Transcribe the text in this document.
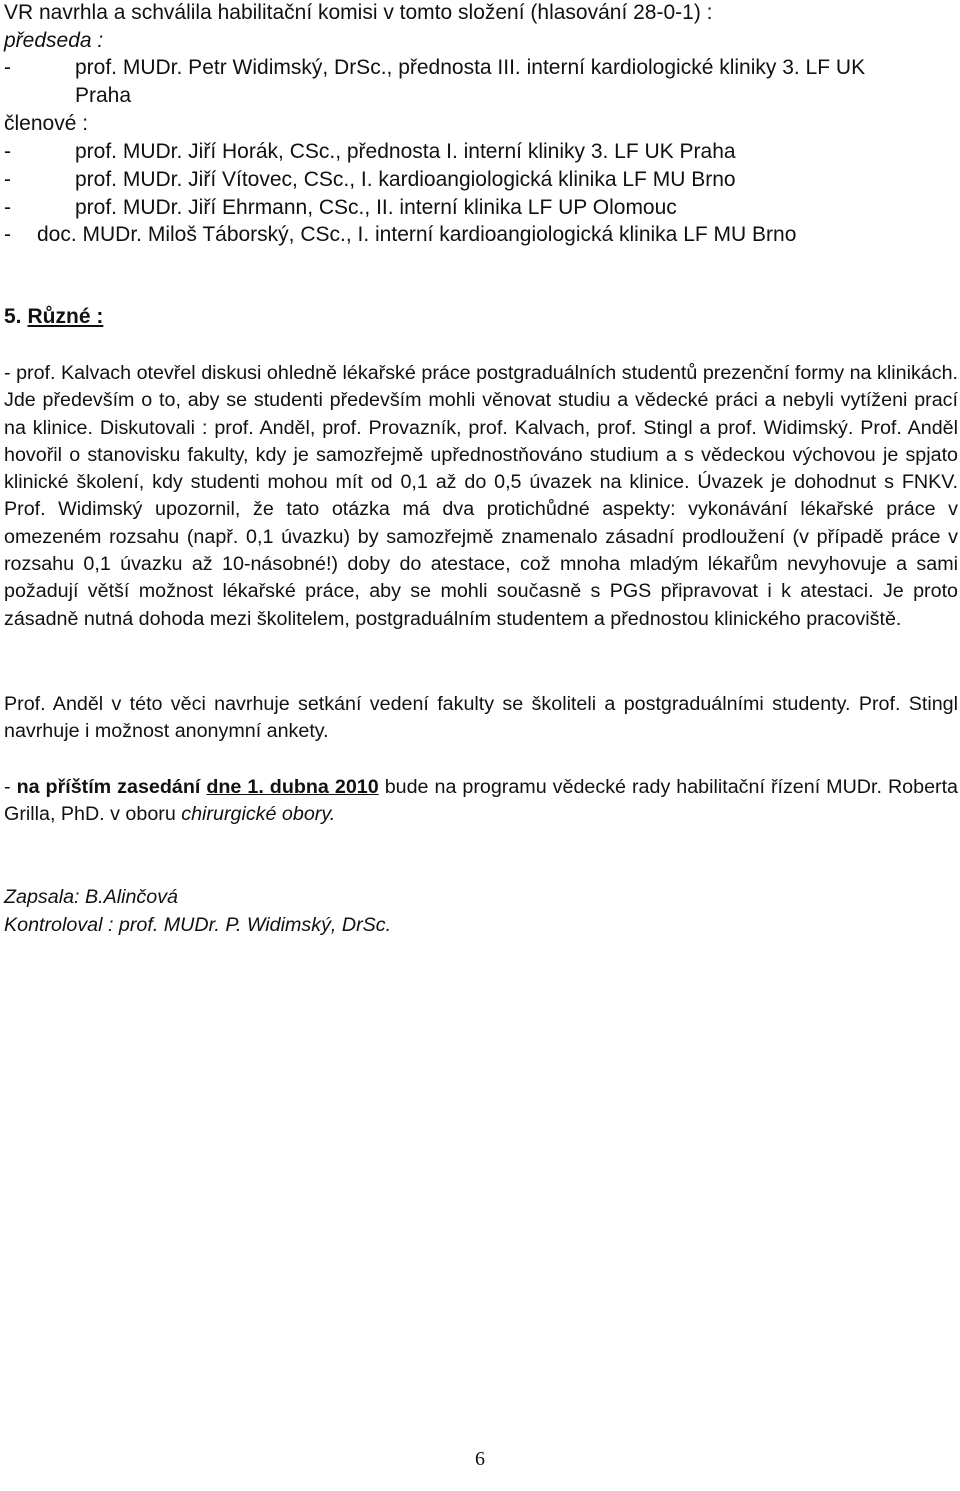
VR navrhla a schválila habilitační komisi v tomto složení (hlasování 28-0-1) :
předseda :
-	prof. MUDr. Petr Widimský, DrSc., přednosta III. interní kardiologické kliniky 3. LF UK
Praha
členové :
-	prof. MUDr. Jiří Horák, CSc., přednosta I. interní kliniky 3. LF UK Praha
-	prof. MUDr. Jiří Vítovec, CSc., I. kardioangiologická klinika LF MU Brno
-	prof. MUDr. Jiří Ehrmann, CSc., II. interní klinika LF UP Olomouc
- doc. MUDr. Miloš Táborský, CSc., I. interní kardioangiologická klinika LF MU Brno
5. Různé :
- prof. Kalvach otevřel diskusi ohledně lékařské práce postgraduálních studentů prezenční formy na klinikách. Jde především o to, aby se studenti především mohli věnovat studiu a vědecké práci a nebyli vytíženi prací na klinice. Diskutovali : prof. Anděl, prof. Provazník, prof. Kalvach, prof. Stingl a prof. Widimský. Prof. Anděl hovořil o stanovisku fakulty, kdy je samozřejmě upřednostňováno studium a s vědeckou výchovou je spjato klinické školení, kdy studenti mohou mít od 0,1 až do 0,5 úvazek na klinice. Úvazek je dohodnut s FNKV. Prof. Widimský upozornil, že tato otázka má dva protichůdné aspekty: vykonávání lékařské práce v omezeném rozsahu (např. 0,1 úvazku) by samozřejmě znamenalo zásadní prodloužení (v případě práce v rozsahu 0,1 úvazku až 10-násobné!) doby do atestace, což mnoha mladým lékařům nevyhovuje a sami požadují větší možnost lékařské práce, aby se mohli současně s PGS připravovat i k atestaci. Je proto zásadně nutná dohoda mezi školitelem, postgraduálním studentem a přednostou klinického pracoviště.
Prof. Anděl v této věci navrhuje setkání vedení fakulty se školiteli a postgraduálními studenty. Prof. Stingl navrhuje i možnost anonymní ankety.
- na příštím zasedání dne 1. dubna 2010 bude na programu vědecké rady habilitační řízení MUDr. Roberta Grilla, PhD. v oboru chirurgické obory.
Zapsala: B.Alinčová
Kontroloval : prof. MUDr. P. Widimský, DrSc.
6
